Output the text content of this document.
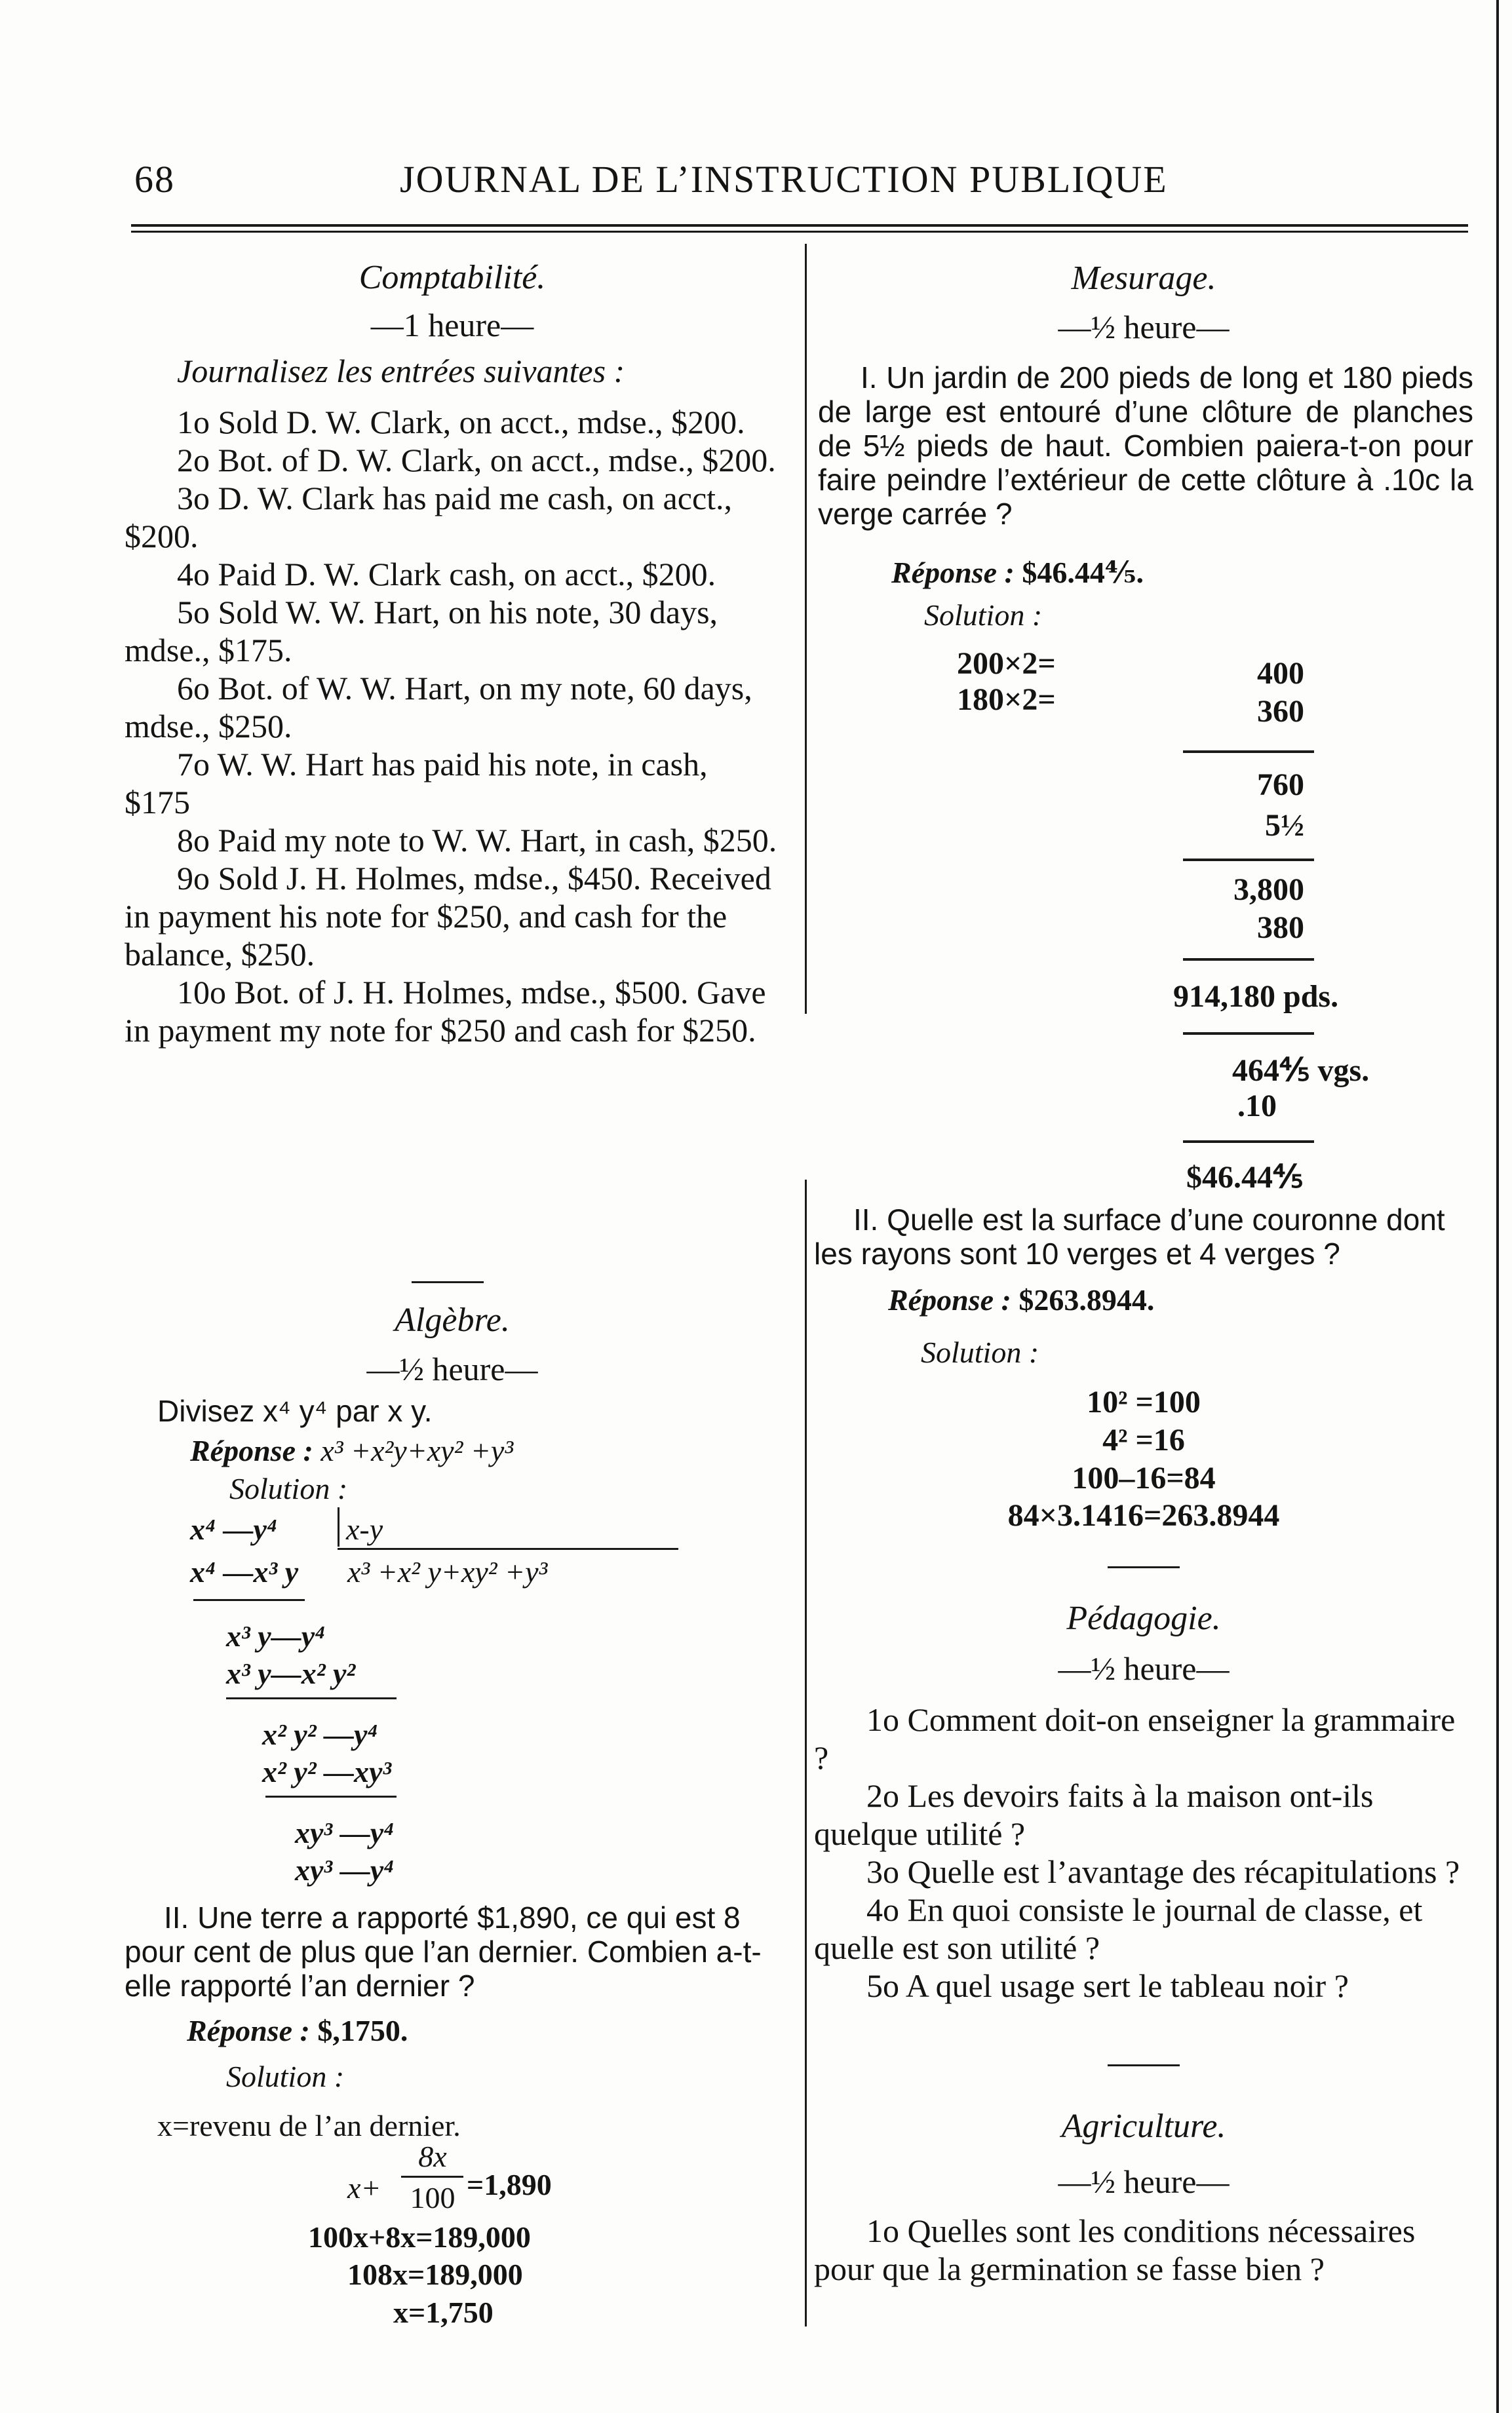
68	JOURNAL DE L’INSTRUCTION PUBLIQUE

Comptabilité.

—1 heure—

Journalisez les entrées suivantes :

1o Sold D. W. Clark, on acct., mdse., $200.

2o Bot. of D. W. Clark, on acct., mdse., $200.

3o D. W. Clark has paid me cash, on acct., $200.

4o Paid D. W. Clark cash, on acct., $200.

5o Sold W. W. Hart, on his note, 30 days, mdse., $175.

6o Bot. of W. W. Hart, on my note, 60 days, mdse., $250.

7o W. W. Hart has paid his note, in cash, $175

8o Paid my note to W. W. Hart, in cash, $250.

9o Sold J. H. Holmes, mdse., $450. Received in payment his note for $250, and cash for the balance, $250.

10o Bot. of J. H. Holmes, mdse., $500. Gave in payment my note for $250 and cash for $250.

Algèbre.
—½ heure—
Divisez x⁴ y⁴ par x y.
Réponse : x³ +x²y+xy² +y³
Solution :
x⁴ —y⁴ x-y
x⁴ —x³ y x³ +x² y+xy² +y³
x³ y—y⁴
x³ y—x² y²
x² y² —y⁴
x² y² —xy³
xy³ —y⁴
xy³ —y⁴
II. Une terre a rapporté $1,890, ce qui est 8 pour cent de plus que l’an dernier. Combien a-t-elle rapporté l’an dernier ?
Réponse : $,1750.
Solution :
x=revenu de l’an dernier.
x+
8x
100 =1,890
100x+8x=189,000
108x=189,000
x=1,750
Mesurage.
—½ heure—
I. Un jardin de 200 pieds de long et 180 pieds de large est entouré d’une clôture de planches de 5½ pieds de haut. Combien paiera-t-on pour faire peindre l’extérieur de cette clôture à .10c la verge carrée ?
Réponse : $46.44⅘.
Solution :
200×2=
180×2=
400
360
760
5½
3,800
380
914,180 pds.
464⅘ vgs.
.10
$46.44⅘
II. Quelle est la surface d’une couronne dont les rayons sont 10 verges et 4 verges ?
Réponse : $263.8944.
Solution :
10² =100
4² =16
100–16=84
84×3.1416=263.8944
Pédagogie.
—½ heure—

1o Comment doit-on enseigner la grammaire ?

2o Les devoirs faits à la maison ont-ils quelque utilité ?

3o Quelle est l’avantage des récapitulations ?

4o En quoi consiste le journal de classe, et quelle est son utilité ?

5o A quel usage sert le tableau noir ?

Agriculture.
—½ heure—

1o Quelles sont les conditions nécessaires pour que la germination se fasse bien ?
